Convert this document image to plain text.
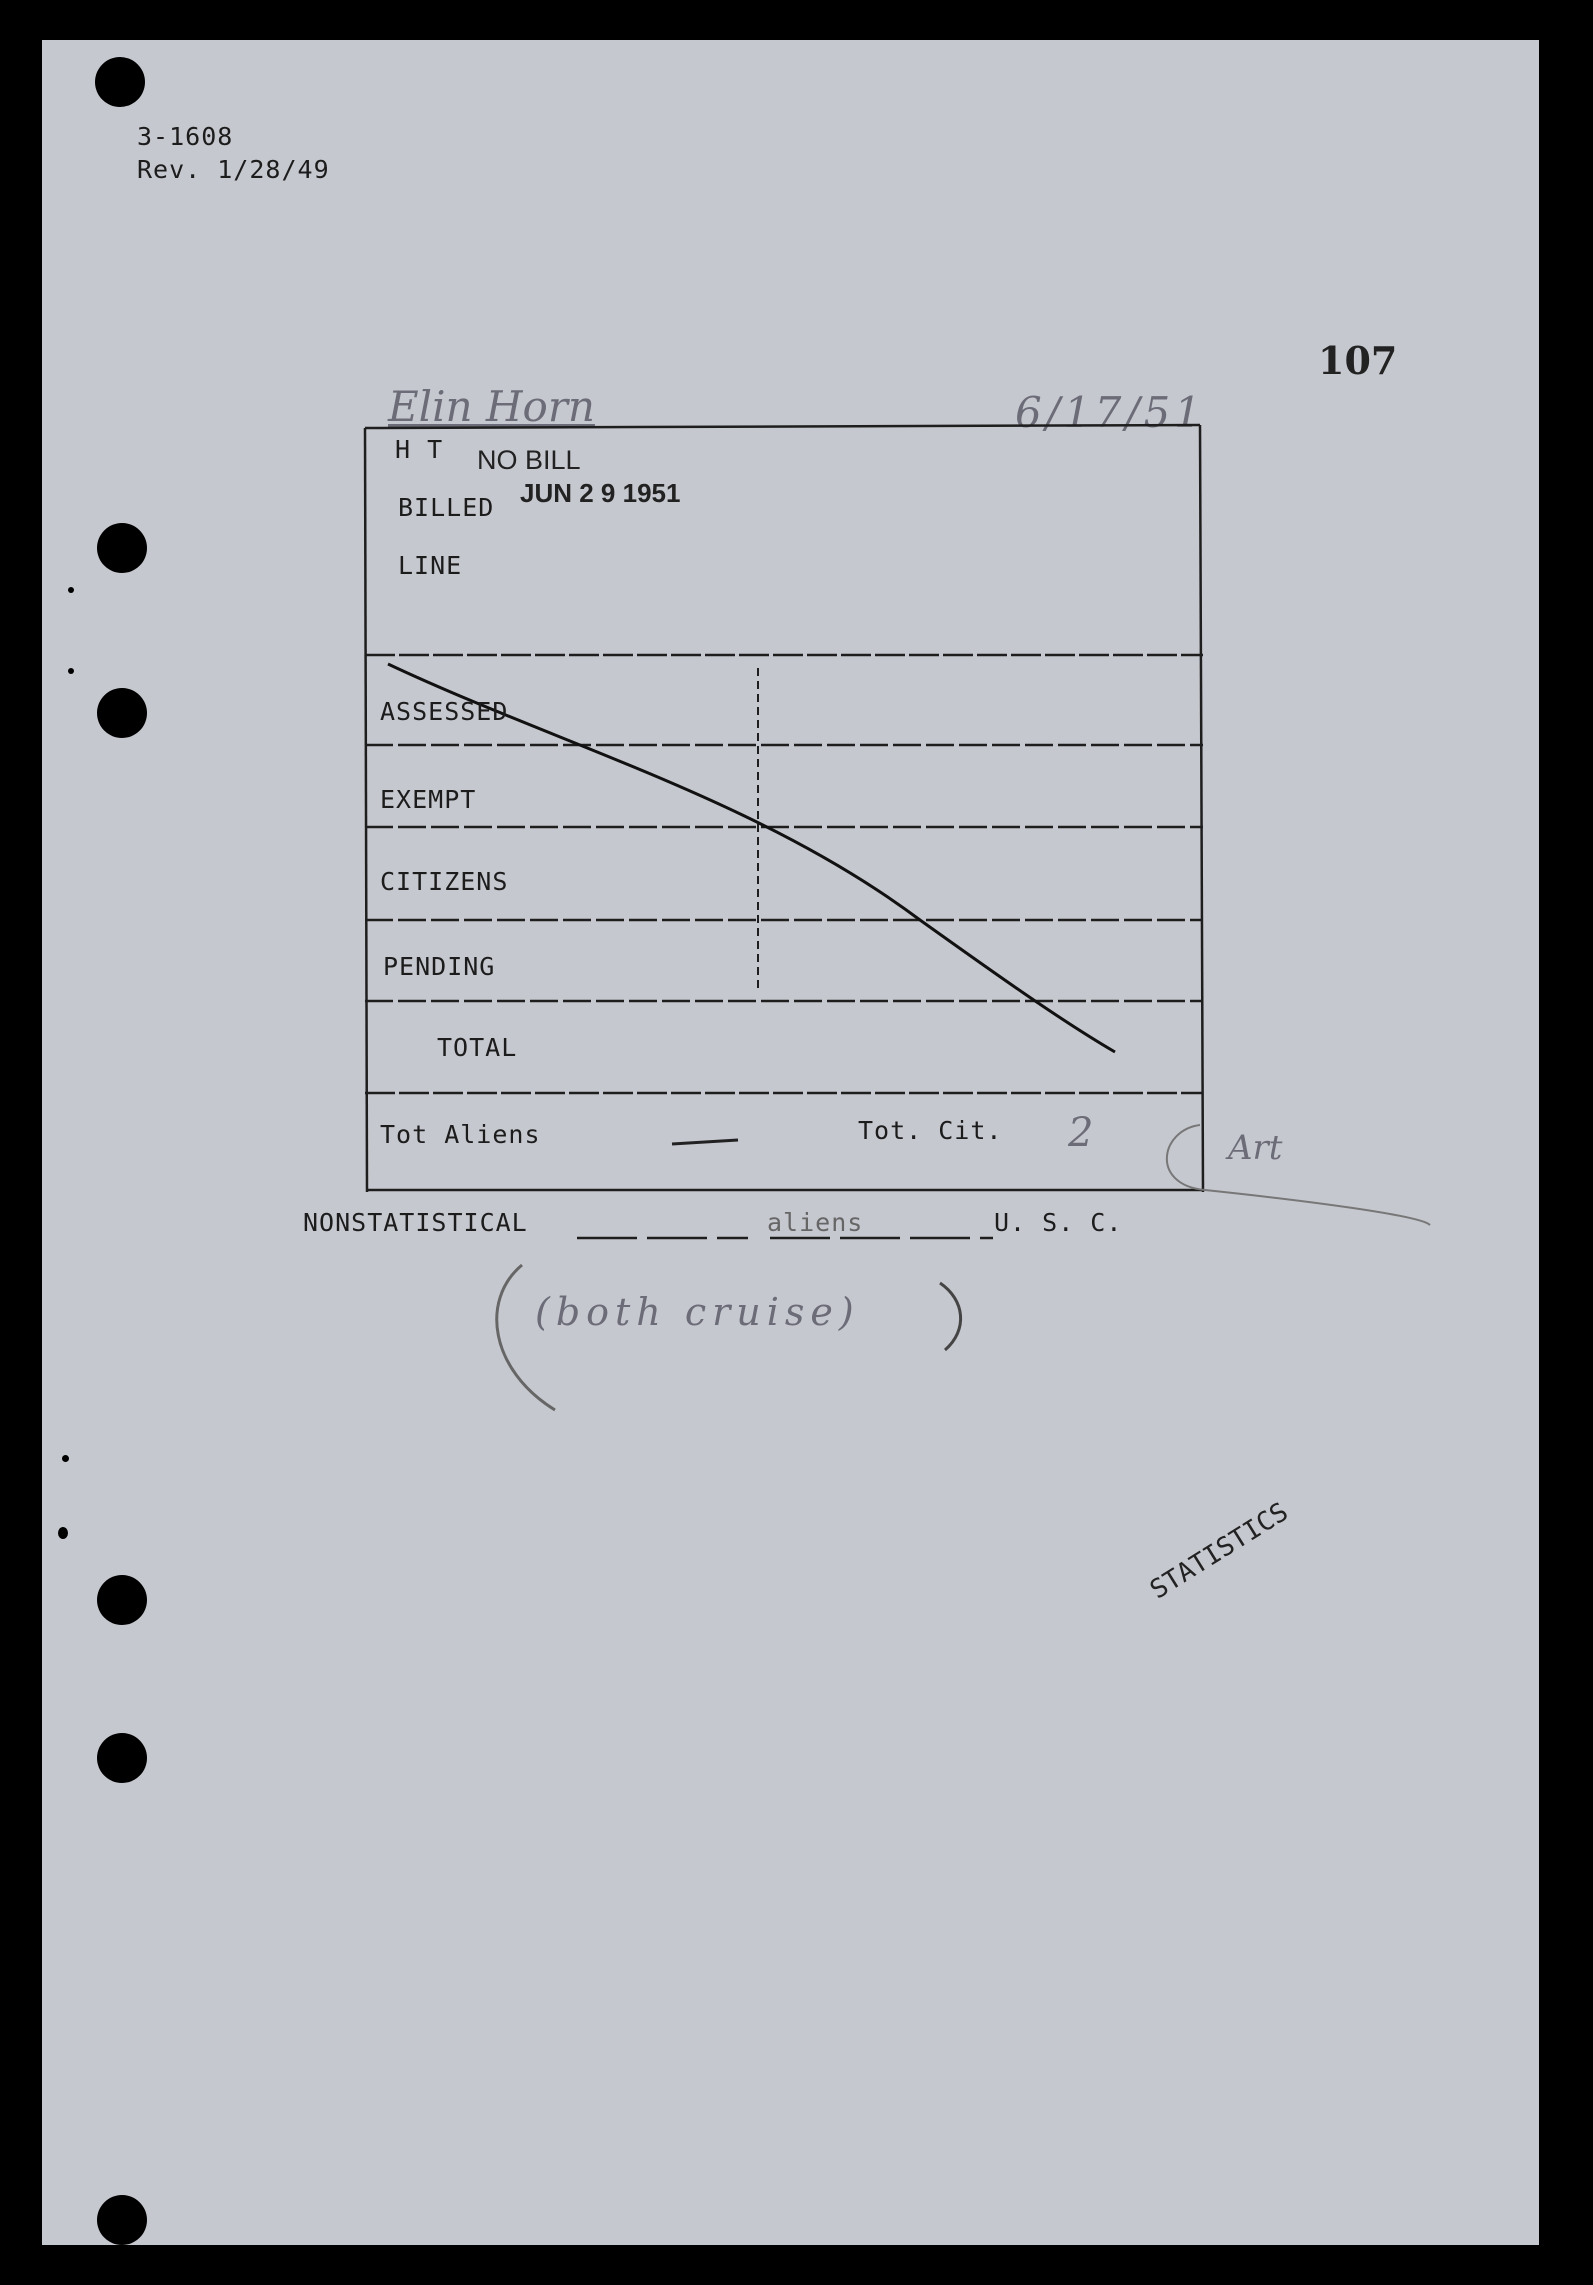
3-1608
Rev. 1/28/49
107
Elin Horn	6/17/51
H T NO BILL
BILLED JUN 2 9 1951
LINE
ASSESSED
EXEMPT
CITIZENS
PENDING
TOTAL
Tot Aliens	Tot. Cit. 2	Art
NONSTATISTICAL	aliens	U. S. C.
(both cruise)
STATISTICS
